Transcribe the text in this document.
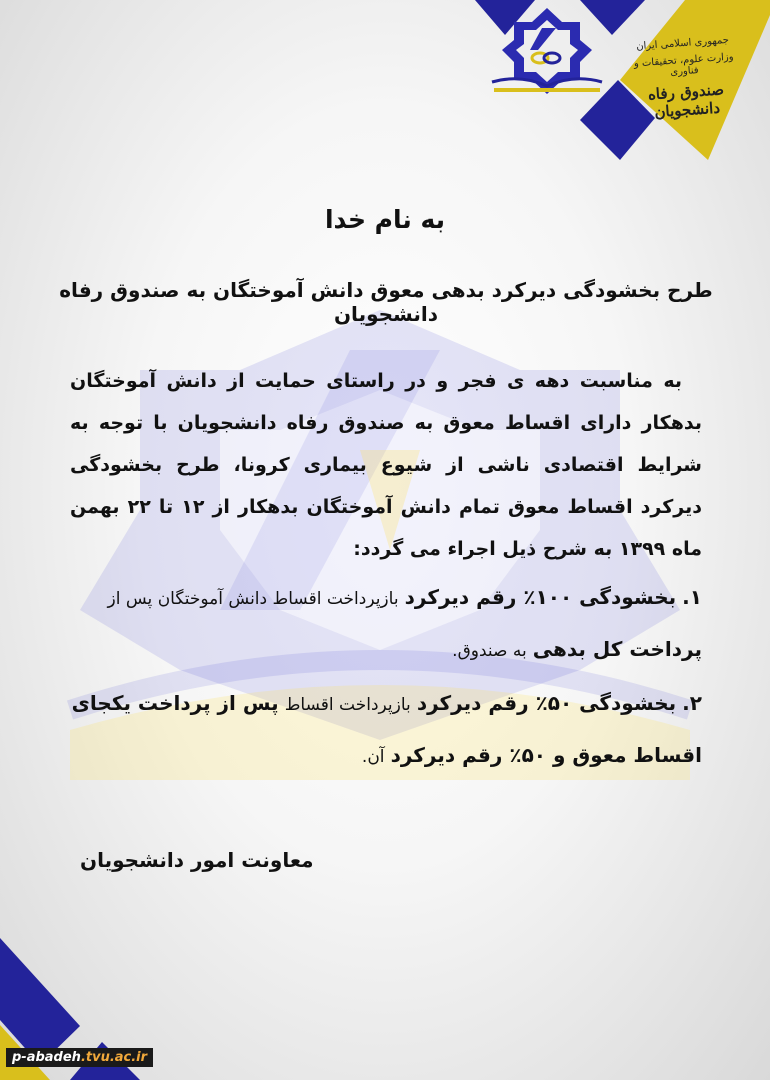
جمهوری اسلامی ایران
وزارت علوم، تحقیقات و فناوری
صندوق رفاه دانشجویان
به نام خدا
طرح بخشودگی دیرکرد بدهی معوق دانش آموختگان به صندوق رفاه دانشجویان
به مناسبت دهه ی فجر و در راستای حمایت از دانش آموختگان بدهکار دارای اقساط معوق به صندوق رفاه دانشجویان با توجه به شرایط اقتصادی ناشی از شیوع بیماری کرونا، طرح بخشودگی دیرکرد اقساط معوق تمام دانش آموختگان بدهکار از ۱۲ تا ۲۲ بهمن ماه ۱۳۹۹ به شرح ذیل اجراء می گردد:
۱. بخشودگی ۱۰۰٪ رقم دیرکرد بازپرداخت اقساط دانش آموختگان پس از پرداخت کل بدهی به صندوق.
۲. بخشودگی ۵۰٪ رقم دیرکرد بازپرداخت اقساط پس از پرداخت یکجای اقساط معوق و ۵۰٪ رقم دیرکرد آن.
معاونت امور دانشجویان
p-abadeh.tvu.ac.ir
